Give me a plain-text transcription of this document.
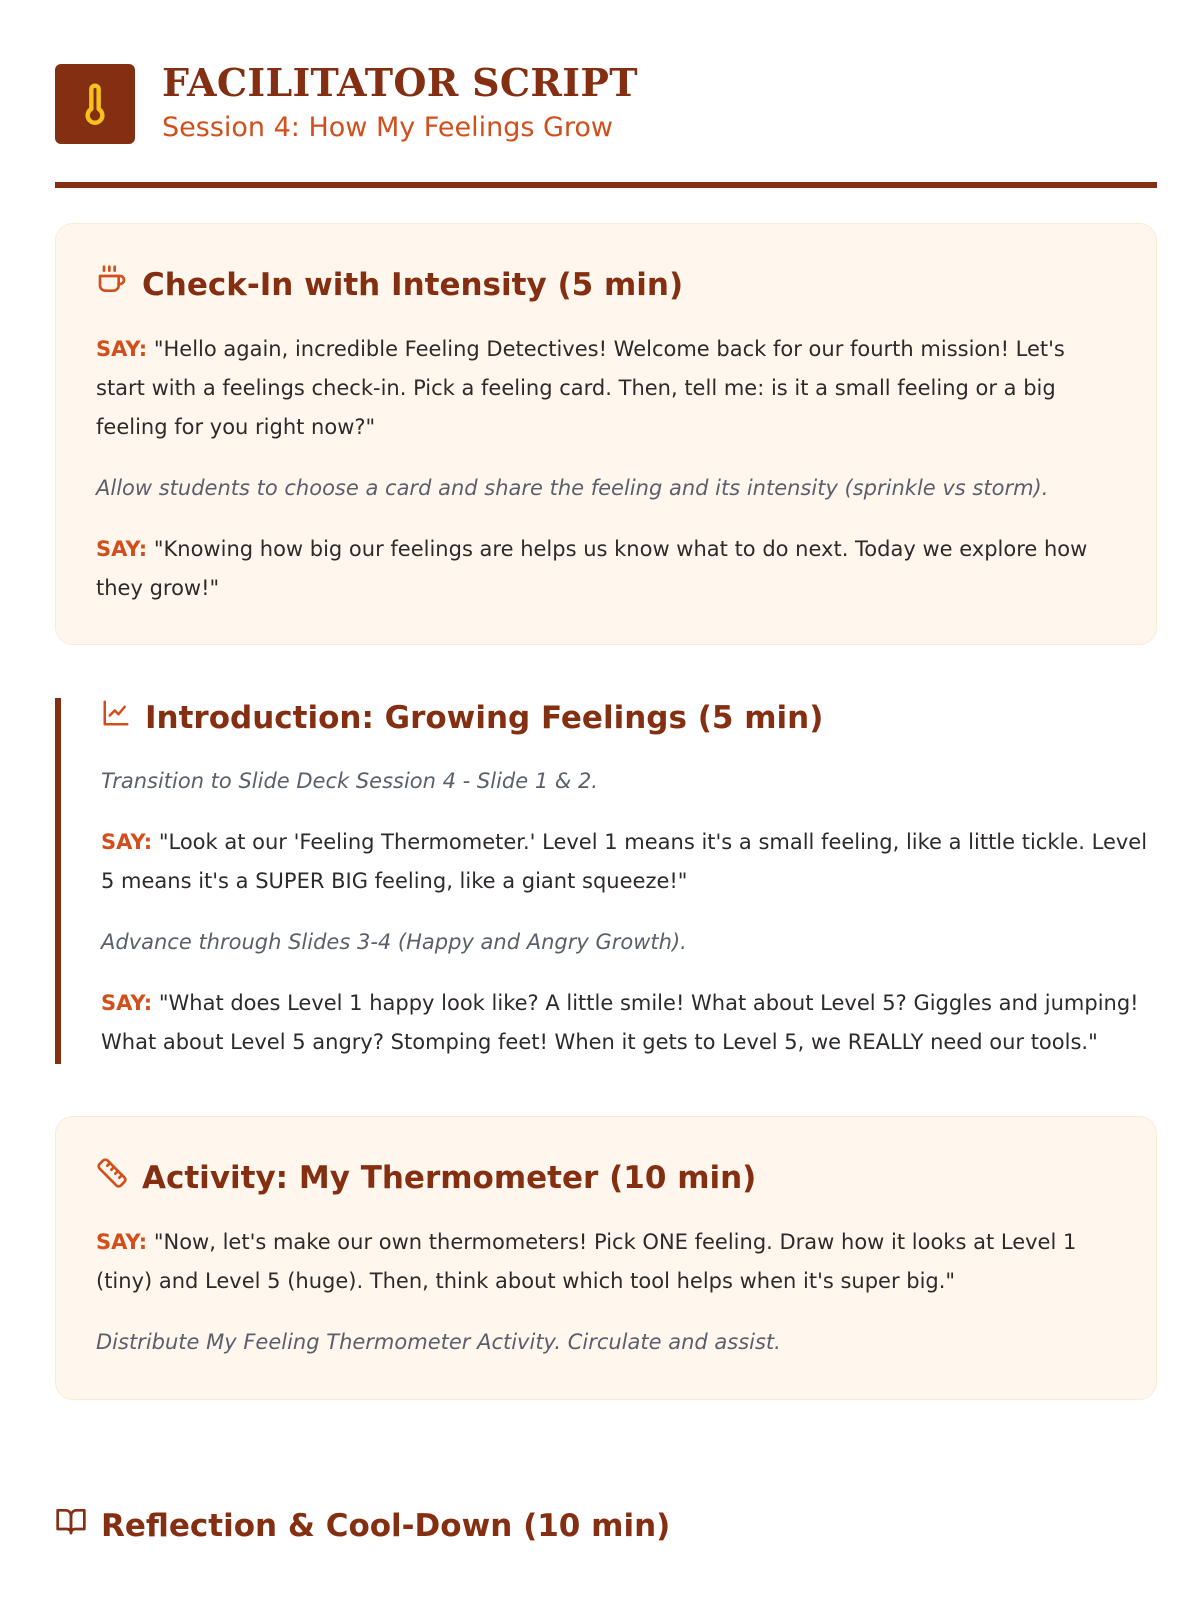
FACILITATOR SCRIPT
Session 4: How My Feelings Grow
Check-In with Intensity (5 min)

SAY: "Hello again, incredible Feeling Detectives! Welcome back for our fourth mission! Let's start with a feelings check-in. Pick a feeling card. Then, tell me: is it a small feeling or a big feeling for you right now?"

Allow students to choose a card and share the feeling and its intensity (sprinkle vs storm).

SAY: "Knowing how big our feelings are helps us know what to do next. Today we explore how they grow!"

Introduction: Growing Feelings (5 min)

Transition to Slide Deck Session 4 - Slide 1 & 2.

SAY: "Look at our 'Feeling Thermometer.' Level 1 means it's a small feeling, like a little tickle. Level 5 means it's a SUPER BIG feeling, like a giant squeeze!"

Advance through Slides 3-4 (Happy and Angry Growth).

SAY: "What does Level 1 happy look like? A little smile! What about Level 5? Giggles and jumping! What about Level 5 angry? Stomping feet! When it gets to Level 5, we REALLY need our tools."

Activity: My Thermometer (10 min)

SAY: "Now, let's make our own thermometers! Pick ONE feeling. Draw how it looks at Level 1 (tiny) and Level 5 (huge). Then, think about which tool helps when it's super big."

Distribute My Feeling Thermometer Activity. Circulate and assist.

Reflection & Cool-Down (10 min)
